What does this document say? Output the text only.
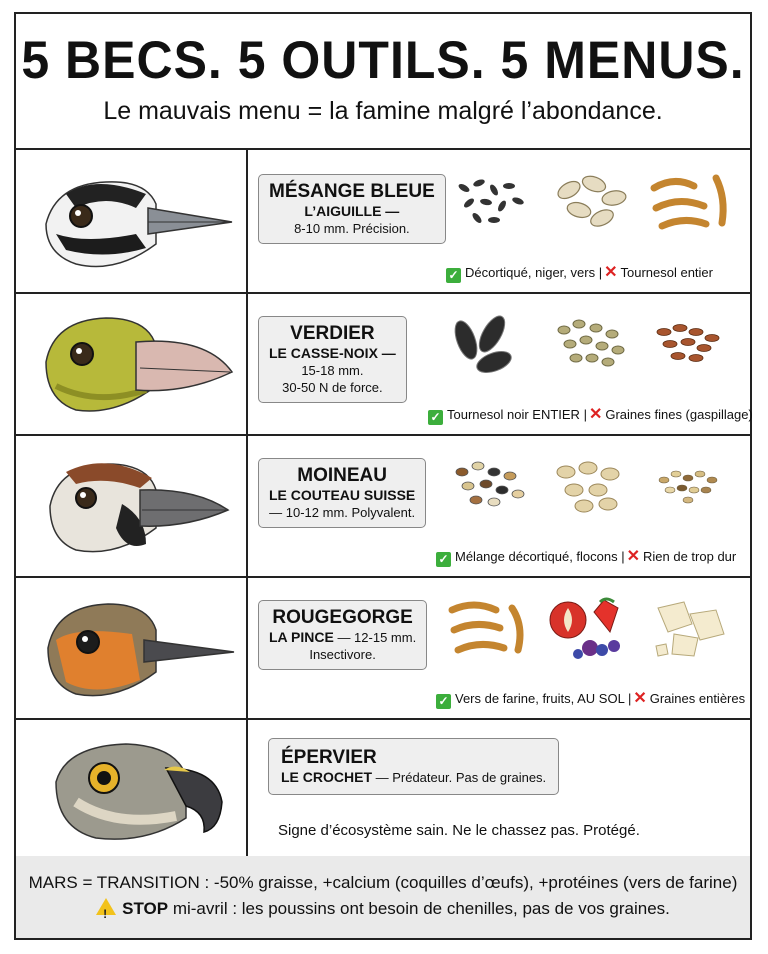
5 BECS. 5 OUTILS. 5 MENUS.
Le mauvais menu = la famine malgré l’abondance.
MÉSANGE BLEUE
L’AIGUILLE —
8-10 mm. Précision.
✓ Décortiqué, niger, vers | ✕ Tournesol entier
VERDIER
LE CASSE-NOIX —
15-18 mm.
30-50 N de force.
✓ Tournesol noir ENTIER | ✕ Graines fines (gaspillage)
MOINEAU
LE COUTEAU SUISSE
— 10-12 mm. Polyvalent.
✓ Mélange décortiqué, flocons | ✕ Rien de trop dur
ROUGEGORGE
LA PINCE — 12-15 mm.
Insectivore.
✓ Vers de farine, fruits, AU SOL | ✕ Graines entières
ÉPERVIER
LE CROCHET — Prédateur. Pas de graines.
Signe d’écosystème sain. Ne le chassez pas. Protégé.
MARS = TRANSITION : -50% graisse, +calcium (coquilles d’œufs), +protéines (vers de farine)
! STOP mi-avril : les poussins ont besoin de chenilles, pas de vos graines.
